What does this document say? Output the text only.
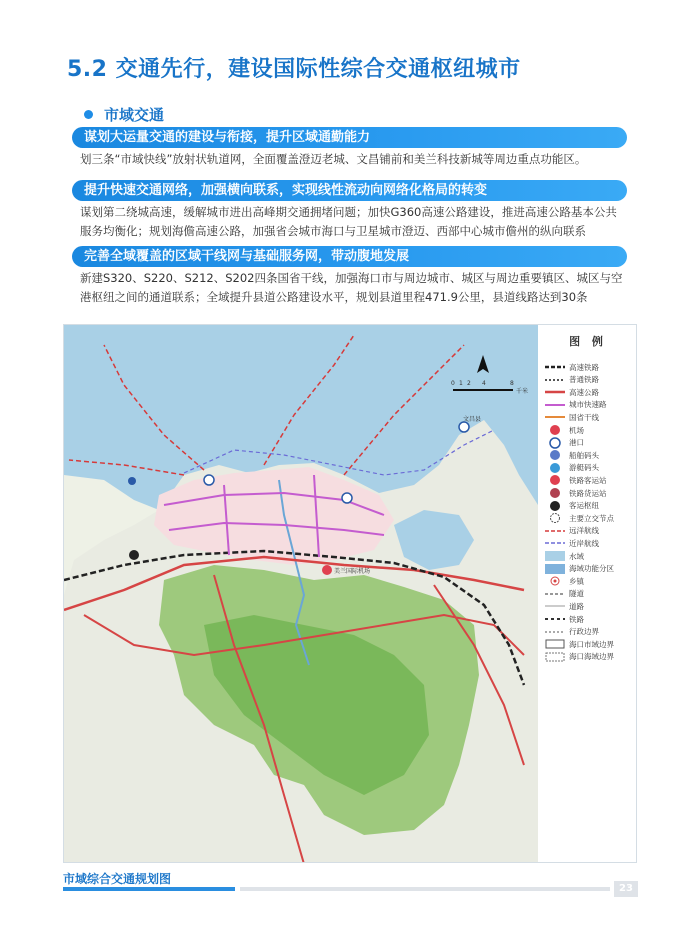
5.2 交通先行，建设国际性综合交通枢纽城市
市域交通
谋划大运量交通的建设与衔接，提升区域通勤能力
划三条“市域快线”放射状轨道网，全面覆盖澄迈老城、文昌铺前和美兰科技新城等周边重点功能区。
提升快速交通网络，加强横向联系，实现线性流动向网络化格局的转变
谋划第二绕城高速，缓解城市进出高峰期交通拥堵问题；加快G360高速公路建设，推进高速公路基本公共服务均衡化；规划海儋高速公路，加强省会城市海口与卫星城市澄迈、西部中心城市儋州的纵向联系
完善全域覆盖的区域干线网与基础服务网，带动腹地发展
新建S320、S220、S212、S202四条国省干线，加强海口市与周边城市、城区与周边重要镇区、城区与空港枢纽之间的通道联系；全域提升县道公路建设水平，规划县道里程471.9公里，县道线路达到30条
文昌县
美兰国际机场
0 1 2 4	8
千米
图 例
高速铁路
普通铁路
高速公路
城市快速路
国省干线
机场
港口
船舶码头
游艇码头
铁路客运站
铁路货运站
客运枢纽
主要立交节点
远洋航线
近岸航线
水域
海域功能分区
乡镇
隧道
道路
铁路
行政边界
海口市域边界
海口海域边界
市域综合交通规划图
23
